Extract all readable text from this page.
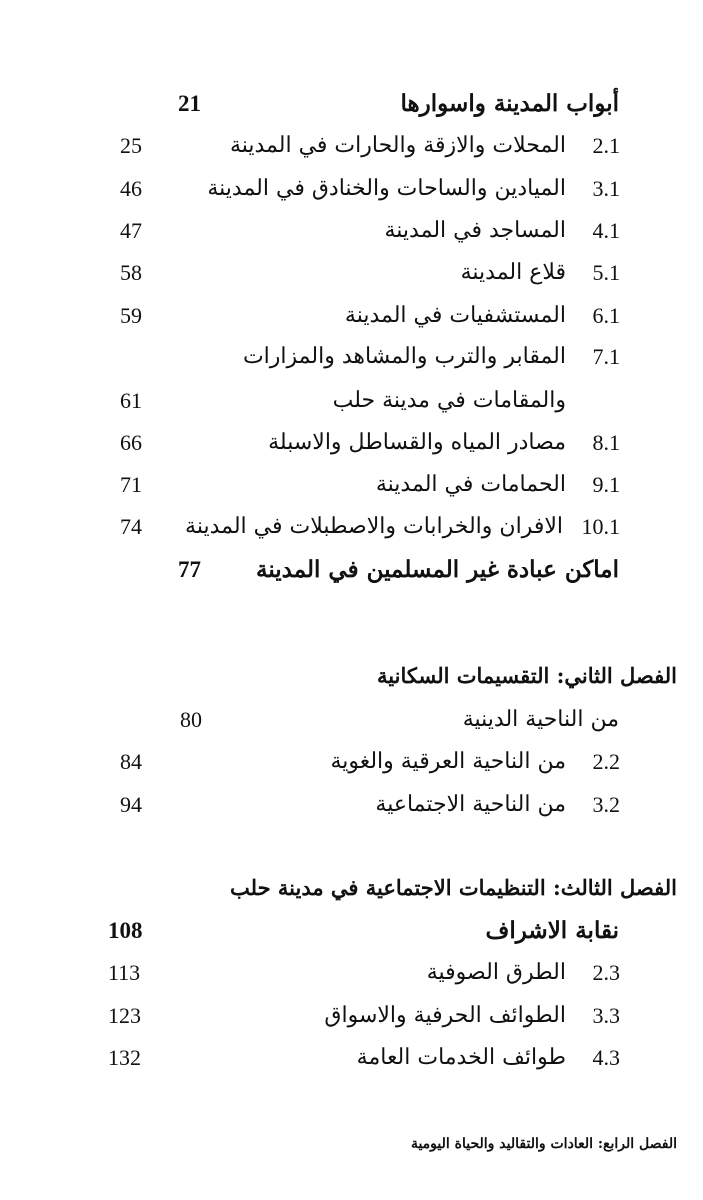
أبواب المدينة واسوارها
21
2.1
المحلات والازقة والحارات في المدينة
25
3.1
الميادين والساحات والخنادق في المدينة
46
4.1
المساجد في المدينة
47
5.1
قلاع المدينة
58
6.1
المستشفيات في المدينة
59
7.1
المقابر والترب والمشاهد والمزارات
والمقامات في مدينة حلب
61
8.1
مصادر المياه والقساطل والاسبلة
66
9.1
الحمامات في المدينة
71
10.1
الافران والخرابات والاصطبلات في المدينة
74
اماكن عبادة غير المسلمين في المدينة
77
الفصل الثاني: التقسيمات السكانية
من الناحية الدينية
80
2.2
من الناحية العرقية والغوية
84
3.2
من الناحية الاجتماعية
94
الفصل الثالث: التنظيمات الاجتماعية في مدينة حلب
نقابة الاشراف
108
2.3
الطرق الصوفية
113
3.3
الطوائف الحرفية والاسواق
123
4.3
طوائف الخدمات العامة
132
الفصل الرابع: العادات والتقاليد والحياة اليومية
